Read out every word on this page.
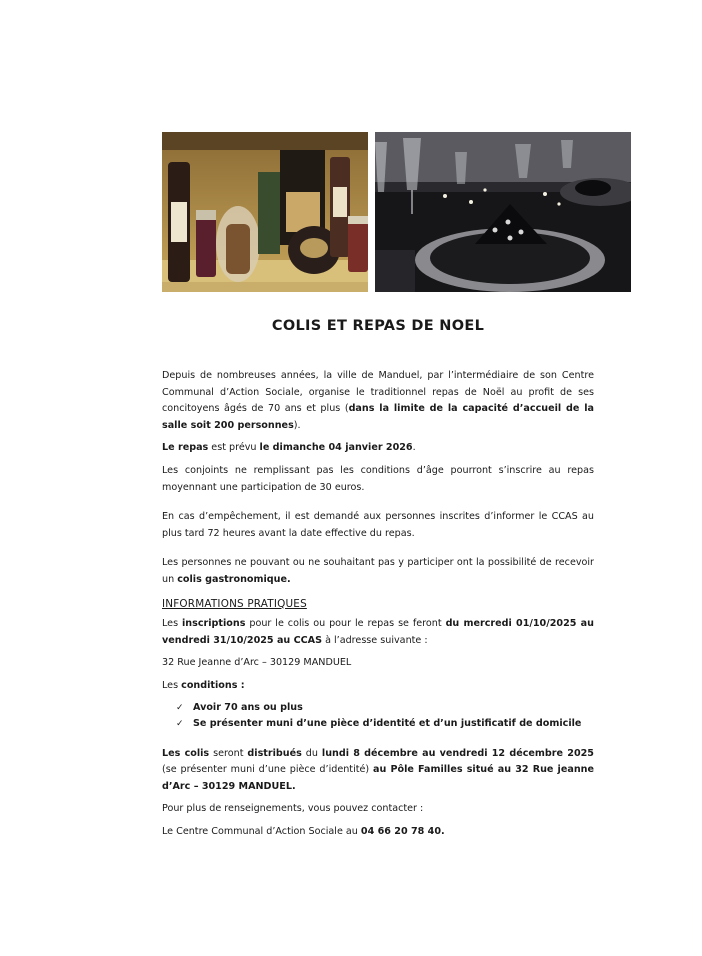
COLIS ET REPAS DE NOEL

Depuis de nombreuses années, la ville de Manduel, par l’intermédiaire de son Centre Communal d’Action Sociale, organise le traditionnel repas de Noël au profit de ses concitoyens âgés de 70 ans et plus (dans la limite de la capacité d’accueil de la salle soit 200 personnes).

Le repas est prévu le dimanche 04 janvier 2026.

Les conjoints ne remplissant pas les conditions d’âge pourront s’inscrire au repas moyennant une participation de 30 euros.

En cas d’empêchement, il est demandé aux personnes inscrites d’informer le CCAS au plus tard 72 heures avant la date effective du repas.

Les personnes ne pouvant ou ne souhaitant pas y participer ont la possibilité de recevoir un colis gastronomique.

INFORMATIONS PRATIQUES

Les inscriptions pour le colis ou pour le repas se feront du mercredi 01/10/2025 au vendredi 31/10/2025 au CCAS à l’adresse suivante :

32 Rue Jeanne d’Arc – 30129 MANDUEL

Les conditions :

✓ Avoir 70 ans ou plus
✓ Se présenter muni d’une pièce d’identité et d’un justificatif de domicile

Les colis seront distribués du lundi 8 décembre au vendredi 12 décembre 2025 (se présenter muni d’une pièce d’identité) au Pôle Familles situé au 32 Rue jeanne d’Arc – 30129 MANDUEL.

Pour plus de renseignements, vous pouvez contacter :

Le Centre Communal d’Action Sociale au 04 66 20 78 40.
